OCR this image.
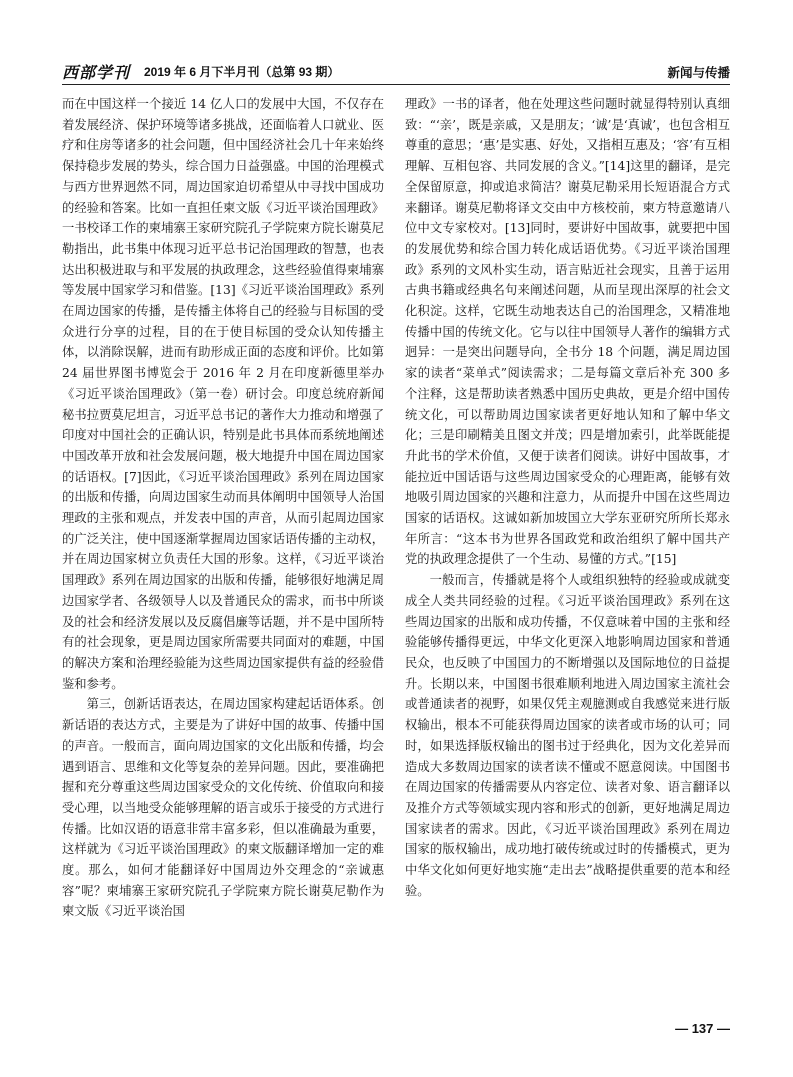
西部学刊 2019 年 6 月下半月刊（总第 93 期）	新闻与传播

而在中国这样一个接近 14 亿人口的发展中大国，不仅存在着发展经济、保护环境等诸多挑战，还面临着人口就业、医疗和住房等诸多的社会问题，但中国经济社会几十年来始终保持稳步发展的势头，综合国力日益强盛。中国的治理模式与西方世界迥然不同，周边国家迫切希望从中寻找中国成功的经验和答案。比如一直担任柬文版《习近平谈治国理政》一书校译工作的柬埔寨王家研究院孔子学院柬方院长谢莫尼勒指出，此书集中体现习近平总书记治国理政的智慧，也表达出积极进取与和平发展的执政理念，这些经验值得柬埔寨等发展中国家学习和借鉴。[13]《习近平谈治国理政》系列在周边国家的传播，是传播主体将自己的经验与目标国的受众进行分享的过程，目的在于使目标国的受众认知传播主体，以消除误解，进而有助形成正面的态度和评价。比如第 24 届世界图书博览会于 2016 年 2 月在印度新德里举办《习近平谈治国理政》（第一卷）研讨会。印度总统府新闻秘书拉贾莫尼坦言，习近平总书记的著作大力推动和增强了印度对中国社会的正确认识，特别是此书具体而系统地阐述中国改革开放和社会发展问题，极大地提升中国在周边国家的话语权。[7]因此，《习近平谈治国理政》系列在周边国家的出版和传播，向周边国家生动而具体阐明中国领导人治国理政的主张和观点，并发表中国的声音，从而引起周边国家的广泛关注，使中国逐渐掌握周边国家话语传播的主动权，并在周边国家树立负责任大国的形象。这样，《习近平谈治国理政》系列在周边国家的出版和传播，能够很好地满足周边国家学者、各级领导人以及普通民众的需求，而书中所谈及的社会和经济发展以及反腐倡廉等话题，并不是中国所特有的社会现象，更是周边国家所需要共同面对的难题，中国的解决方案和治理经验能为这些周边国家提供有益的经验借鉴和参考。

第三，创新话语表达，在周边国家构建起话语体系。创新话语的表达方式，主要是为了讲好中国的故事、传播中国的声音。一般而言，面向周边国家的文化出版和传播，均会遇到语言、思维和文化等复杂的差异问题。因此，要准确把握和充分尊重这些周边国家受众的文化传统、价值取向和接受心理，以当地受众能够理解的语言或乐于接受的方式进行传播。比如汉语的语意非常丰富多彩，但以准确最为重要，这样就为《习近平谈治国理政》的柬文版翻译增加一定的难度。那么，如何才能翻译好中国周边外交理念的“亲诚惠容”呢？柬埔寨王家研究院孔子学院柬方院长谢莫尼勒作为柬文版《习近平谈治国

理政》一书的译者，他在处理这些问题时就显得特别认真细致：“‘亲’，既是亲戚，又是朋友；‘诚’是‘真诚’，也包含相互尊重的意思；‘惠’是实惠、好处，又指相互惠及；‘容’有互相理解、互相包容、共同发展的含义。”[14]这里的翻译，是完全保留原意，抑或追求简洁？谢莫尼勒采用长短语混合方式来翻译。谢莫尼勒将译文交由中方核校前，柬方特意邀请八位中文专家校对。[13]同时，要讲好中国故事，就要把中国的发展优势和综合国力转化成话语优势。《习近平谈治国理政》系列的文风朴实生动，语言贴近社会现实，且善于运用古典书籍或经典名句来阐述问题，从而呈现出深厚的社会文化积淀。这样，它既生动地表达自己的治国理念，又精准地传播中国的传统文化。它与以往中国领导人著作的编辑方式迥异：一是突出问题导向，全书分 18 个问题，满足周边国家的读者“菜单式”阅读需求；二是每篇文章后补充 300 多个注释，这是帮助读者熟悉中国历史典故，更是介绍中国传统文化，可以帮助周边国家读者更好地认知和了解中华文化；三是印刷精美且图文并茂；四是增加索引，此举既能提升此书的学术价值，又便于读者们阅读。讲好中国故事，才能拉近中国话语与这些周边国家受众的心理距离，能够有效地吸引周边国家的兴趣和注意力，从而提升中国在这些周边国家的话语权。这诚如新加坡国立大学东亚研究所所长郑永年所言：“这本书为世界各国政党和政治组织了解中国共产党的执政理念提供了一个生动、易懂的方式。”[15]

一般而言，传播就是将个人或组织独特的经验或成就变成全人类共同经验的过程。《习近平谈治国理政》系列在这些周边国家的出版和成功传播，不仅意味着中国的主张和经验能够传播得更远，中华文化更深入地影响周边国家和普通民众，也反映了中国国力的不断增强以及国际地位的日益提升。长期以来，中国图书很难顺利地进入周边国家主流社会或普通读者的视野，如果仅凭主观臆测或自我感觉来进行版权输出，根本不可能获得周边国家的读者或市场的认可；同时，如果选择版权输出的图书过于经典化，因为文化差异而造成大多数周边国家的读者读不懂或不愿意阅读。中国图书在周边国家的传播需要从内容定位、读者对象、语言翻译以及推介方式等领域实现内容和形式的创新，更好地满足周边国家读者的需求。因此，《习近平谈治国理政》系列在周边国家的版权输出，成功地打破传统或过时的传播模式，更为中华文化如何更好地实施“走出去”战略提供重要的范本和经验。

— 137 —
